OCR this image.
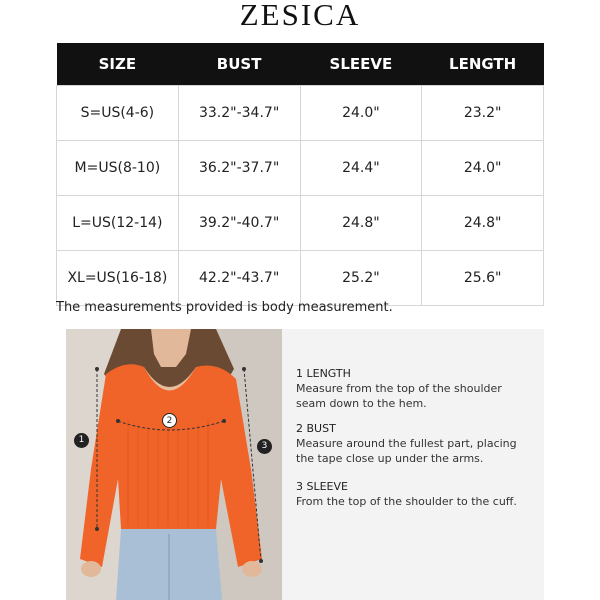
ZESICA
SIZE	BUST	SLEEVE	LENGTH
S=US(4-6)	33.2"-34.7"	24.0"	23.2"
M=US(8-10)	36.2"-37.7"	24.4"	24.0"
L=US(12-14)	39.2"-40.7"	24.8"	24.8"
XL=US(16-18)	42.2"-43.7"	25.2"	25.6"
The measurements provided is body measurement.
1
2
3
1 LENGTH
Measure from the top of the shoulder
seam down to the hem.
2 BUST
Measure around the fullest part, placing
the tape close up under the arms.
3 SLEEVE
From the top of the shoulder to the cuff.
